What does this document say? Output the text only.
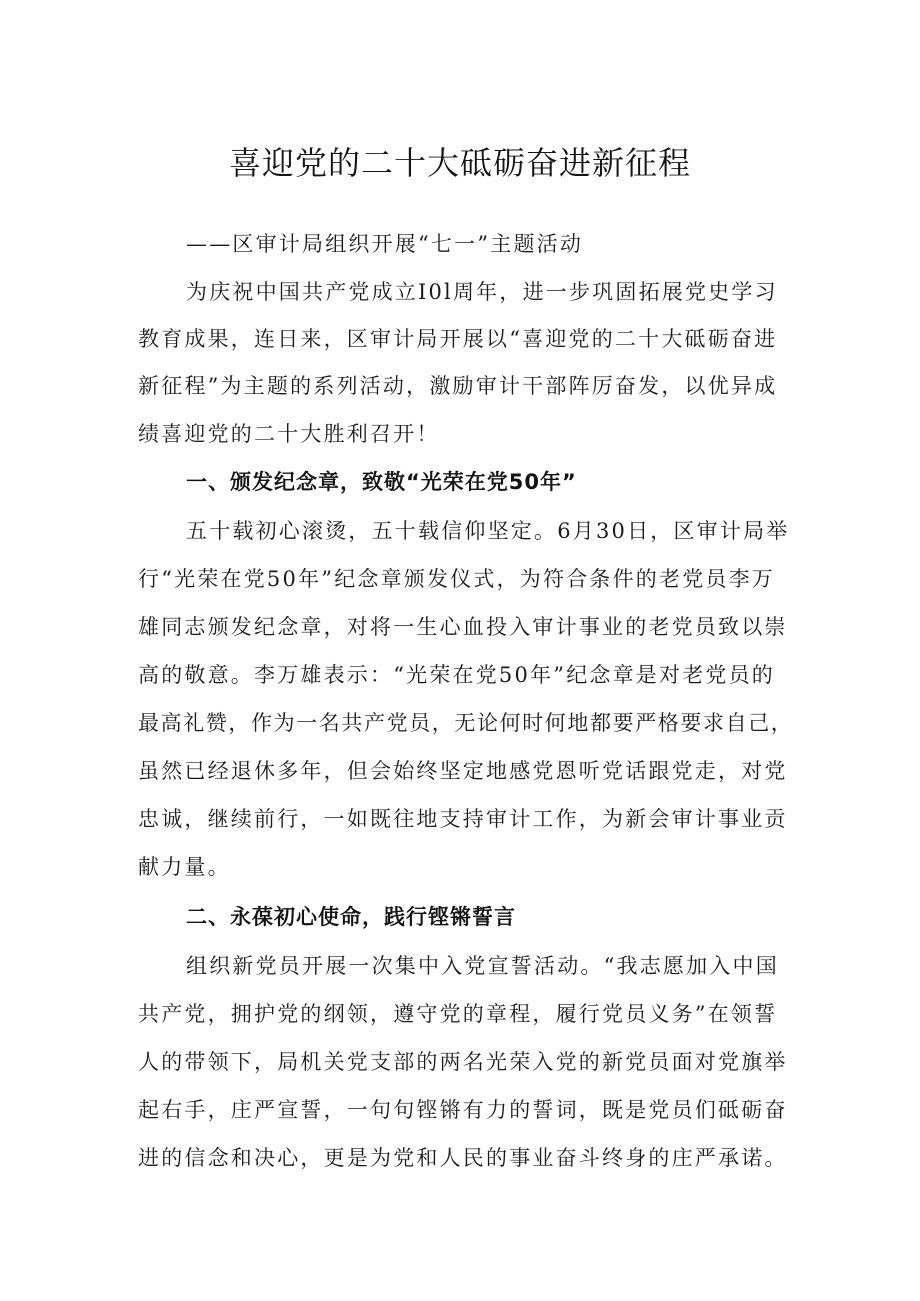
喜迎党的二十大砥砺奋进新征程
——区审计局组织开展“七一”主题活动
为庆祝中国共产党成立I0l周年，进一步巩固拓展党史学习
教育成果，连日来，区审计局开展以“喜迎党的二十大砥砺奋进
新征程”为主题的系列活动，激励审计干部阵厉奋发，以优异成
绩喜迎党的二十大胜利召开！
一、颁发纪念章，致敬“光荣在党50年”
五十载初心滚烫，五十载信仰坚定。6月30日，区审计局举
行“光荣在党50年”纪念章颁发仪式，为符合条件的老党员李万
雄同志颁发纪念章，对将一生心血投入审计事业的老党员致以崇
高的敬意。李万雄表示：“光荣在党50年”纪念章是对老党员的
最高礼赞，作为一名共产党员，无论何时何地都要严格要求自己，
虽然已经退休多年，但会始终坚定地感党恩听党话跟党走，对党
忠诚，继续前行，一如既往地支持审计工作，为新会审计事业贡
献力量。
二、永葆初心使命，践行铿锵誓言
组织新党员开展一次集中入党宣誓活动。“我志愿加入中国
共产党，拥护党的纲领，遵守党的章程，履行党员义务”在领誓
人的带领下，局机关党支部的两名光荣入党的新党员面对党旗举
起右手，庄严宣誓，一句句铿锵有力的誓词，既是党员们砥砺奋
进的信念和决心，更是为党和人民的事业奋斗终身的庄严承诺。
